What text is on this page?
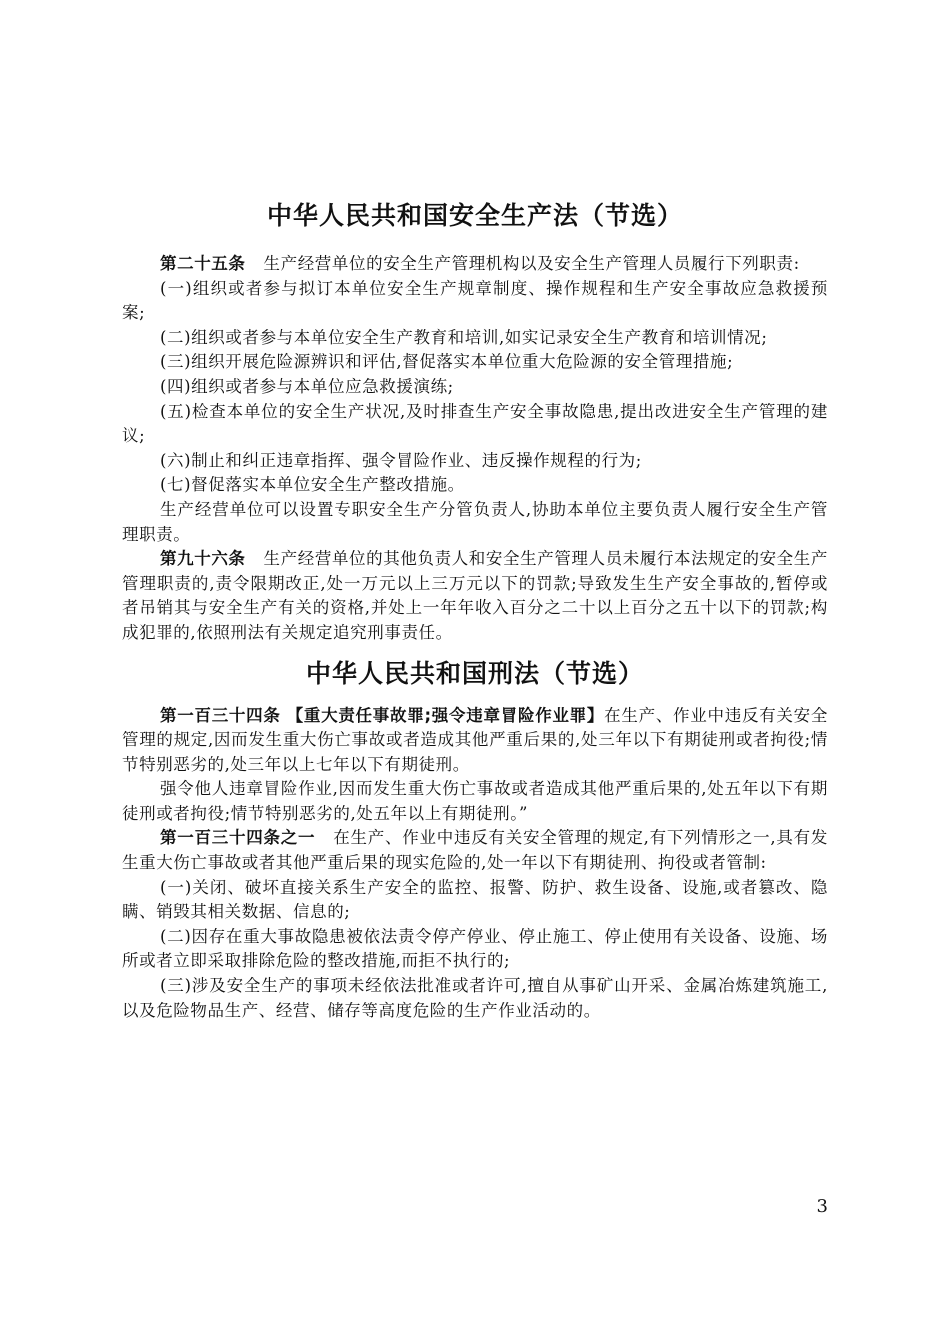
中华人民共和国安全生产法（节选）

第二十五条 生产经营单位的安全生产管理机构以及安全生产管理人员履行下列职责:

(一)组织或者参与拟订本单位安全生产规章制度、操作规程和生产安全事故应急救援预案;

(二)组织或者参与本单位安全生产教育和培训,如实记录安全生产教育和培训情况;

(三)组织开展危险源辨识和评估,督促落实本单位重大危险源的安全管理措施;

(四)组织或者参与本单位应急救援演练;

(五)检查本单位的安全生产状况,及时排查生产安全事故隐患,提出改进安全生产管理的建议;

(六)制止和纠正违章指挥、强令冒险作业、违反操作规程的行为;

(七)督促落实本单位安全生产整改措施。

生产经营单位可以设置专职安全生产分管负责人,协助本单位主要负责人履行安全生产管理职责。

第九十六条 生产经营单位的其他负责人和安全生产管理人员未履行本法规定的安全生产管理职责的,责令限期改正,处一万元以上三万元以下的罚款;导致发生生产安全事故的,暂停或者吊销其与安全生产有关的资格,并处上一年年收入百分之二十以上百分之五十以下的罚款;构成犯罪的,依照刑法有关规定追究刑事责任。

中华人民共和国刑法（节选）

第一百三十四条 【重大责任事故罪;强令违章冒险作业罪】在生产、作业中违反有关安全管理的规定,因而发生重大伤亡事故或者造成其他严重后果的,处三年以下有期徒刑或者拘役;情节特别恶劣的,处三年以上七年以下有期徒刑。

强令他人违章冒险作业,因而发生重大伤亡事故或者造成其他严重后果的,处五年以下有期徒刑或者拘役;情节特别恶劣的,处五年以上有期徒刑。”

第一百三十四条之一 在生产、作业中违反有关安全管理的规定,有下列情形之一,具有发生重大伤亡事故或者其他严重后果的现实危险的,处一年以下有期徒刑、拘役或者管制:

(一)关闭、破坏直接关系生产安全的监控、报警、防护、救生设备、设施,或者篡改、隐瞒、销毁其相关数据、信息的;

(二)因存在重大事故隐患被依法责令停产停业、停止施工、停止使用有关设备、设施、场所或者立即采取排除危险的整改措施,而拒不执行的;

(三)涉及安全生产的事项未经依法批准或者许可,擅自从事矿山开采、金属冶炼建筑施工,以及危险物品生产、经营、储存等高度危险的生产作业活动的。

3
